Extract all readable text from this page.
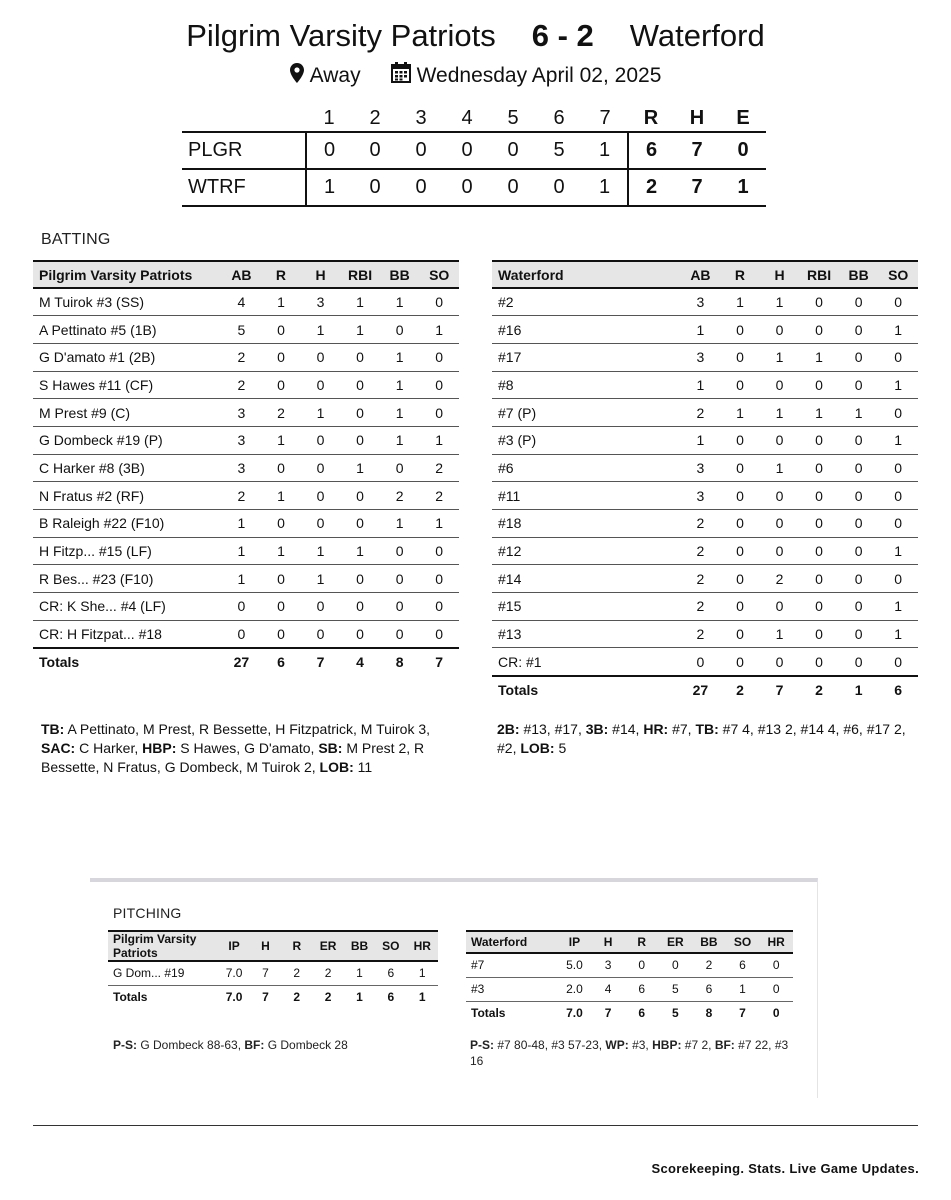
Pilgrim Varsity Patriots 6 - 2 Waterford
Away	Wednesday April 02, 2025
	1	2	3	4	5	6	7	R	H	E
PLGR	0	0	0	0	0	5	1	6	7	0
WTRF	1	0	0	0	0	0	1	2	7	1
BATTING
Pilgrim Varsity Patriots	AB	R	H	RBI	BB	SO
M Tuirok #3 (SS)	4	1	3	1	1	0
A Pettinato #5 (1B)	5	0	1	1	0	1
G D'amato #1 (2B)	2	0	0	0	1	0
S Hawes #11 (CF)	2	0	0	0	1	0
M Prest #9 (C)	3	2	1	0	1	0
G Dombeck #19 (P)	3	1	0	0	1	1
C Harker #8 (3B)	3	0	0	1	0	2
N Fratus #2 (RF)	2	1	0	0	2	2
B Raleigh #22 (F10)	1	0	0	0	1	1
H Fitzp... #15 (LF)	1	1	1	1	0	0
R Bes... #23 (F10)	1	0	1	0	0	0
CR: K She... #4 (LF)	0	0	0	0	0	0
CR: H Fitzpat... #18	0	0	0	0	0	0
Totals	27	6	7	4	8	7
Waterford	AB	R	H	RBI	BB	SO
#2	3	1	1	0	0	0
#16	1	0	0	0	0	1
#17	3	0	1	1	0	0
#8	1	0	0	0	0	1
#7 (P)	2	1	1	1	1	0
#3 (P)	1	0	0	0	0	1
#6	3	0	1	0	0	0
#11	3	0	0	0	0	0
#18	2	0	0	0	0	0
#12	2	0	0	0	0	1
#14	2	0	2	0	0	0
#15	2	0	0	0	0	1
#13	2	0	1	0	0	1
CR: #1	0	0	0	0	0	0
Totals	27	2	7	2	1	6
TB: A Pettinato, M Prest, R Bessette, H Fitzpatrick, M Tuirok 3, SAC: C Harker, HBP: S Hawes, G D'amato, SB: M Prest 2, R Bessette, N Fratus, G Dombeck, M Tuirok 2, LOB: 11
2B: #13, #17, 3B: #14, HR: #7, TB: #7 4, #13 2, #14 4, #6, #17 2, #2, LOB: 5
PITCHING
Pilgrim Varsity Patriots	IP	H	R	ER	BB	SO	HR
G Dom... #19	7.0	7	2	2	1	6	1
Totals	7.0	7	2	2	1	6	1
Waterford	IP	H	R	ER	BB	SO	HR
#7	5.0	3	0	0	2	6	0
#3	2.0	4	6	5	6	1	0
Totals	7.0	7	6	5	8	7	0
P-S: G Dombeck 88-63, BF: G Dombeck 28	P-S: #7 80-48, #3 57-23, WP: #3, HBP: #7 2, BF: #7 22, #3 16
Scorekeeping. Stats. Live Game Updates.
